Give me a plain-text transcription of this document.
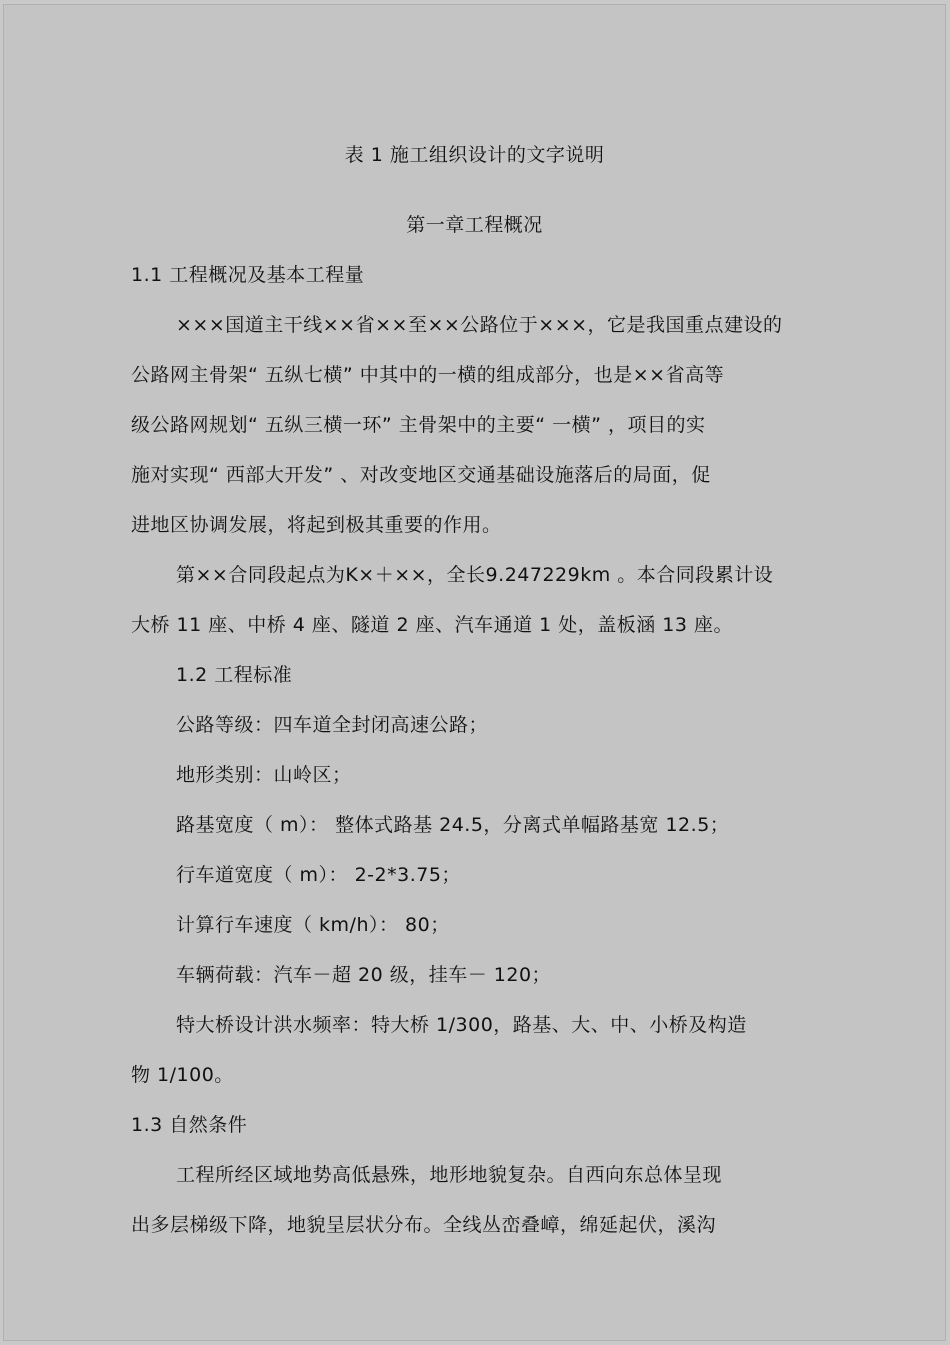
表 1 施工组织设计的文字说明
第一章工程概况
1.1 工程概况及基本工程量
×××国道主干线××省××至××公路位于×××，它是我国重点建设的
公路网主骨架“ 五纵七横” 中其中的一横的组成部分，也是××省高等
级公路网规划“ 五纵三横一环” 主骨架中的主要“ 一横” ，项目的实
施对实现“ 西部大开发” 、对改变地区交通基础设施落后的局面，促
进地区协调发展，将起到极其重要的作用。
第××合同段起点为K×＋××，全长9.247229km 。本合同段累计设
大桥 11 座、中桥 4 座、隧道 2 座、汽车通道 1 处，盖板涵 13 座。
1.2 工程标准
公路等级：四车道全封闭高速公路；
地形类别：山岭区；
路基宽度（ m）： 整体式路基 24.5，分离式单幅路基宽 12.5；
行车道宽度（ m）： 2-2*3.75；
计算行车速度（ km/h）： 80；
车辆荷载：汽车－超 20 级，挂车－ 120；
特大桥设计洪水频率：特大桥 1/300，路基、大、中、小桥及构造
物 1/100。
1.3 自然条件
工程所经区域地势高低悬殊，地形地貌复杂。自西向东总体呈现
出多层梯级下降，地貌呈层状分布。全线丛峦叠嶂，绵延起伏，溪沟
